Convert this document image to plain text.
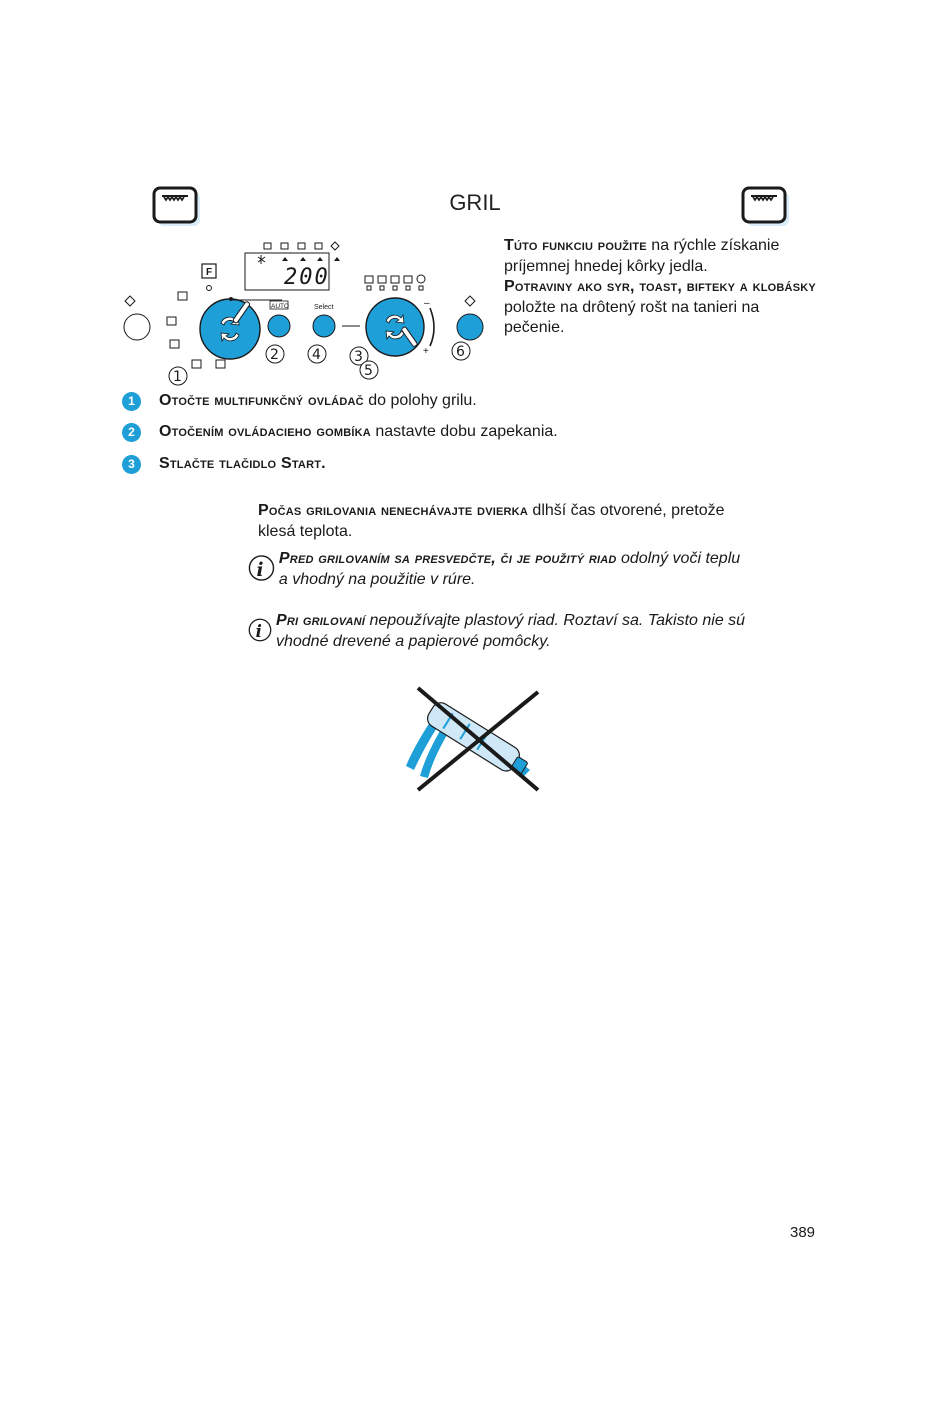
GRIL
200
F
AUTO	Select	–
+
1
2	3
4
5
6
Túto funkciu použite na rýchle získanie príjemnej hnedej kôrky jedla.
Potraviny ako syr, toast, bifteky a klobásky položte na drôtený rošt na tanieri na pečenie.
1	Otočte multifunkčný ovládač do polohy grilu.
2	Otočením ovládacieho gombíka nastavte dobu zapekania.
3	Stlačte tlačidlo Start.
Počas grilovania nenechávajte dvierka dlhší čas otvorené, pretože klesá teplota.
i
Pred grilovaním sa presvedčte, či je použitý riad odolný voči teplu a vhodný na použitie v rúre.
i
Pri grilovaní nepoužívajte plastový riad. Roztaví sa. Takisto nie sú vhodné drevené a papierové pomôcky.
389
